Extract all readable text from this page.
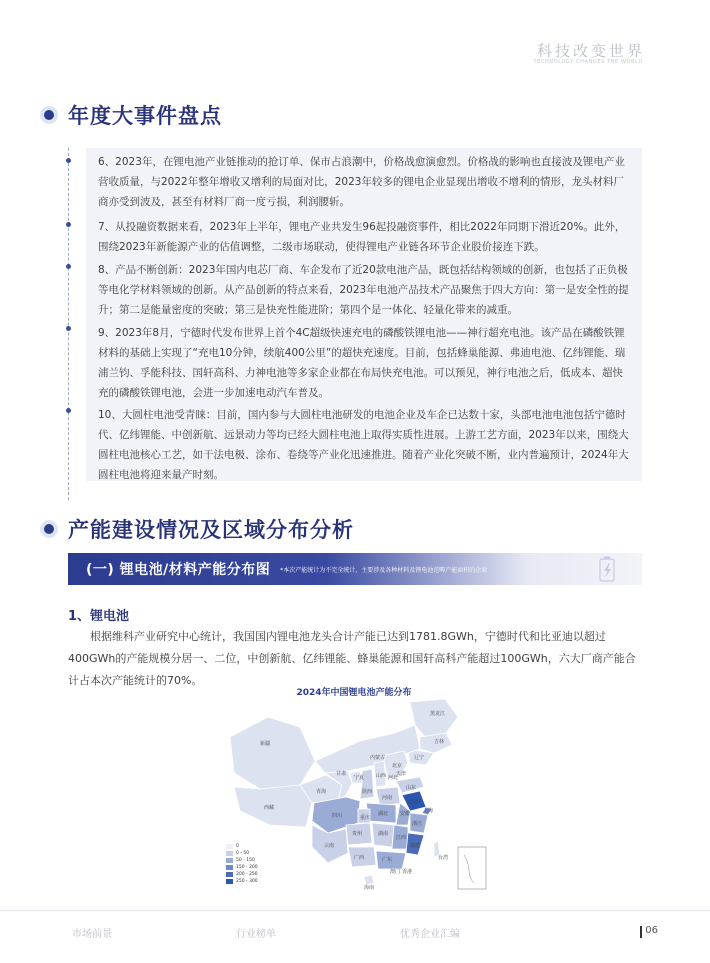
科技改变世界
TECHNOLOGY CHANGES THE WORLD
年度大事件盘点
6、2023年，在锂电池产业链推动的抢订单、保市占浪潮中，价格战愈演愈烈。价格战的影响也直接波及锂电产业营收质量，与2022年整年增收又增利的局面对比，2023年较多的锂电企业显现出增收不增利的情形，龙头材料厂商亦受到波及，甚至有材料厂商一度亏损，利润腰斩。
7、从投融资数据来看，2023年上半年，锂电产业共发生96起投融资事件，相比2022年同期下滑近20%。此外，围绕2023年新能源产业的估值调整，二级市场联动，使得锂电产业链各环节企业股价接连下跌。
8、产品不断创新：2023年国内电芯厂商、车企发布了近20款电池产品，既包括结构领域的创新，也包括了正负极等电化学材料领域的创新。从产品创新的特点来看，2023年电池产品技术产品聚焦于四大方向：第一是安全性的提升；第二是能量密度的突破；第三是快充性能进阶；第四个是一体化、轻量化带来的减重。
9、2023年8月，宁德时代发布世界上首个4C超级快速充电的磷酸铁锂电池——神行超充电池。该产品在磷酸铁锂材料的基础上实现了“充电10分钟，续航400公里”的超快充速度。目前，包括蜂巢能源、弗迪电池、亿纬锂能、瑞浦兰钧、孚能科技、国轩高科、力神电池等多家企业都在布局快充电池。可以预见，神行电池之后，低成本、超快充的磷酸铁锂电池，会进一步加速电动汽车普及。
10、大圆柱电池受青睐：目前，国内参与大圆柱电池研发的电池企业及车企已达数十家，头部电池电池包括宁德时代、亿纬锂能、中创新航、远景动力等均已经大圆柱电池上取得实质性进展。上游工艺方面，2023年以来，围绕大圆柱电池核心工艺，如干法电极、涂布、卷绕等产业化迅速推进。随着产业化突破不断，业内普遍预计，2024年大圆柱电池将迎来量产时刻。
产能建设情况及区域分布分析
(一) 锂电池/材料产能分布图 *本次产能统计为不完全统计，主要涉及各种材料及锂电池范畴产能面积的企业
1、锂电池
根据维科产业研究中心统计，我国国内锂电池龙头合计产能已达到1781.8GWh，宁德时代和比亚迪以超过400GWh的产能规模分居一、二位，中创新航、亿纬锂能、蜂巢能源和国轩高科产能超过100GWh，六大厂商产能合计占本次产能统计的70%。
2024年中国锂电池产能分布
黑龙江
吉林
辽宁
新疆
内蒙古
北京
天津
河北
山西
宁夏
甘肃
青海
山东
河南
陕西
西藏
四川	重庆
湖北 安徽
江苏
上海
浙江
湖南
江西
贵州
云南
广西	广东
福建
台湾
海南
澳门 香港
0
0 - 50
50 - 150
150 - 200
200 - 250
250 - 300
市场前景	行业榜单	优秀企业汇编	06
